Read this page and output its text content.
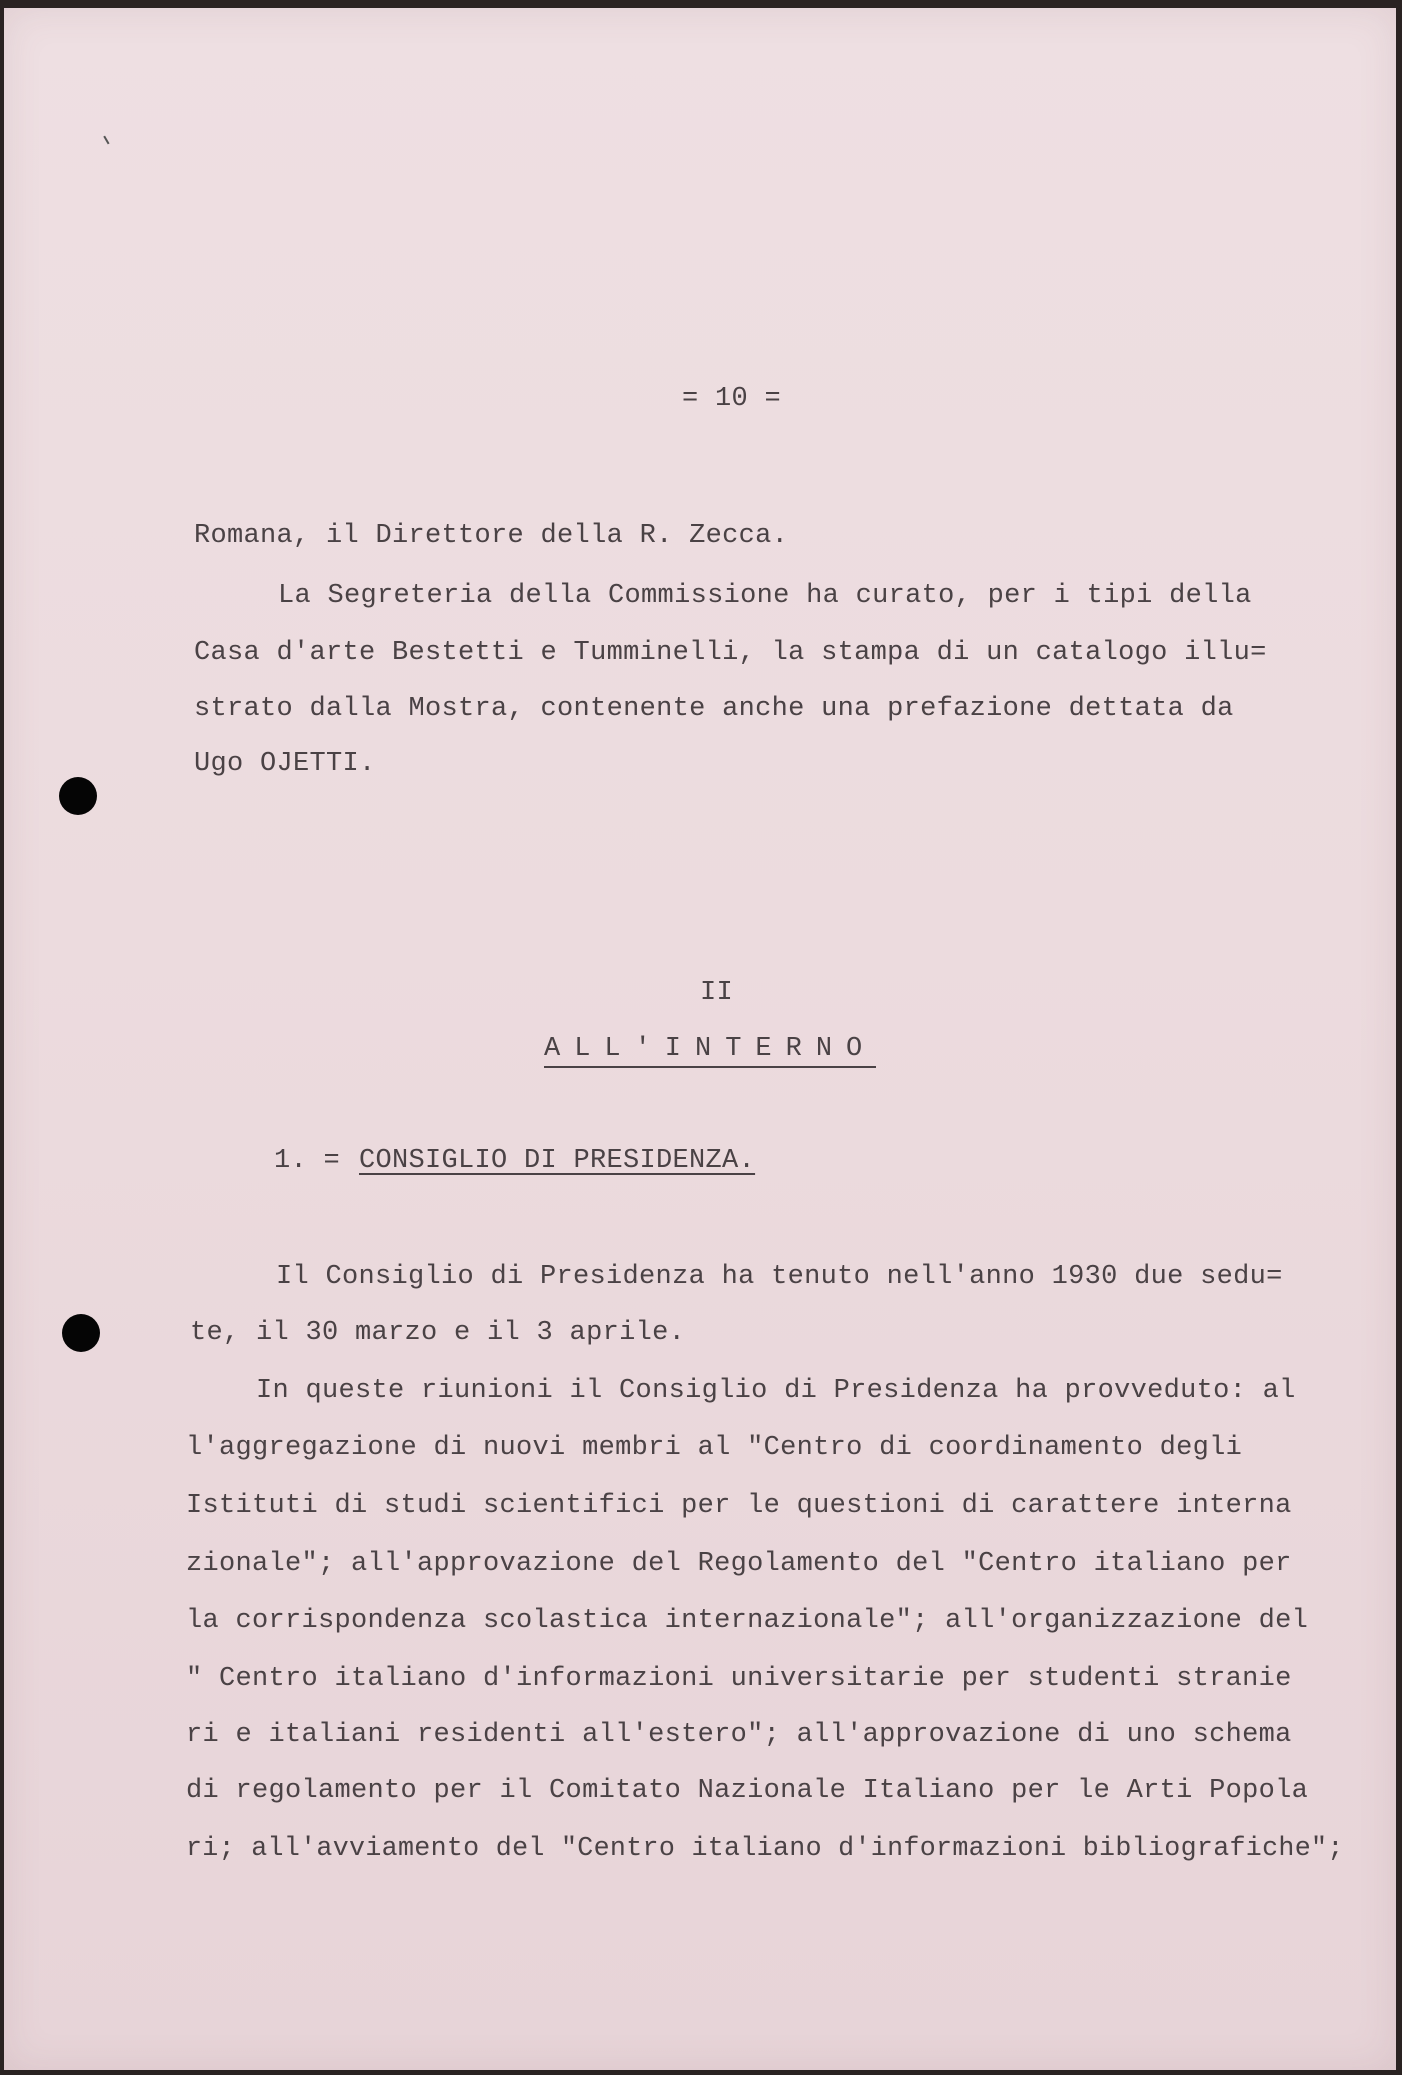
= 10 =
Romana, il Direttore della R. Zecca.
La Segreteria della Commissione ha curato, per i tipi della
Casa d'arte Bestetti e Tumminelli, la stampa di un catalogo illu=
strato dalla Mostra, contenente anche una prefazione dettata da
Ugo OJETTI.
II
ALL'INTERNO
1. = CONSIGLIO DI PRESIDENZA.
Il Consiglio di Presidenza ha tenuto nell'anno 1930 due sedu=
te, il 30 marzo e il 3 aprile.
In queste riunioni il Consiglio di Presidenza ha provveduto: al
l'aggregazione di nuovi membri al "Centro di coordinamento degli
Istituti di studi scientifici per le questioni di carattere interna
zionale"; all'approvazione del Regolamento del "Centro italiano per
la corrispondenza scolastica internazionale"; all'organizzazione del
" Centro italiano d'informazioni universitarie per studenti stranie
ri e italiani residenti all'estero"; all'approvazione di uno schema
di regolamento per il Comitato Nazionale Italiano per le Arti Popola
ri; all'avviamento del "Centro italiano d'informazioni bibliografiche";
